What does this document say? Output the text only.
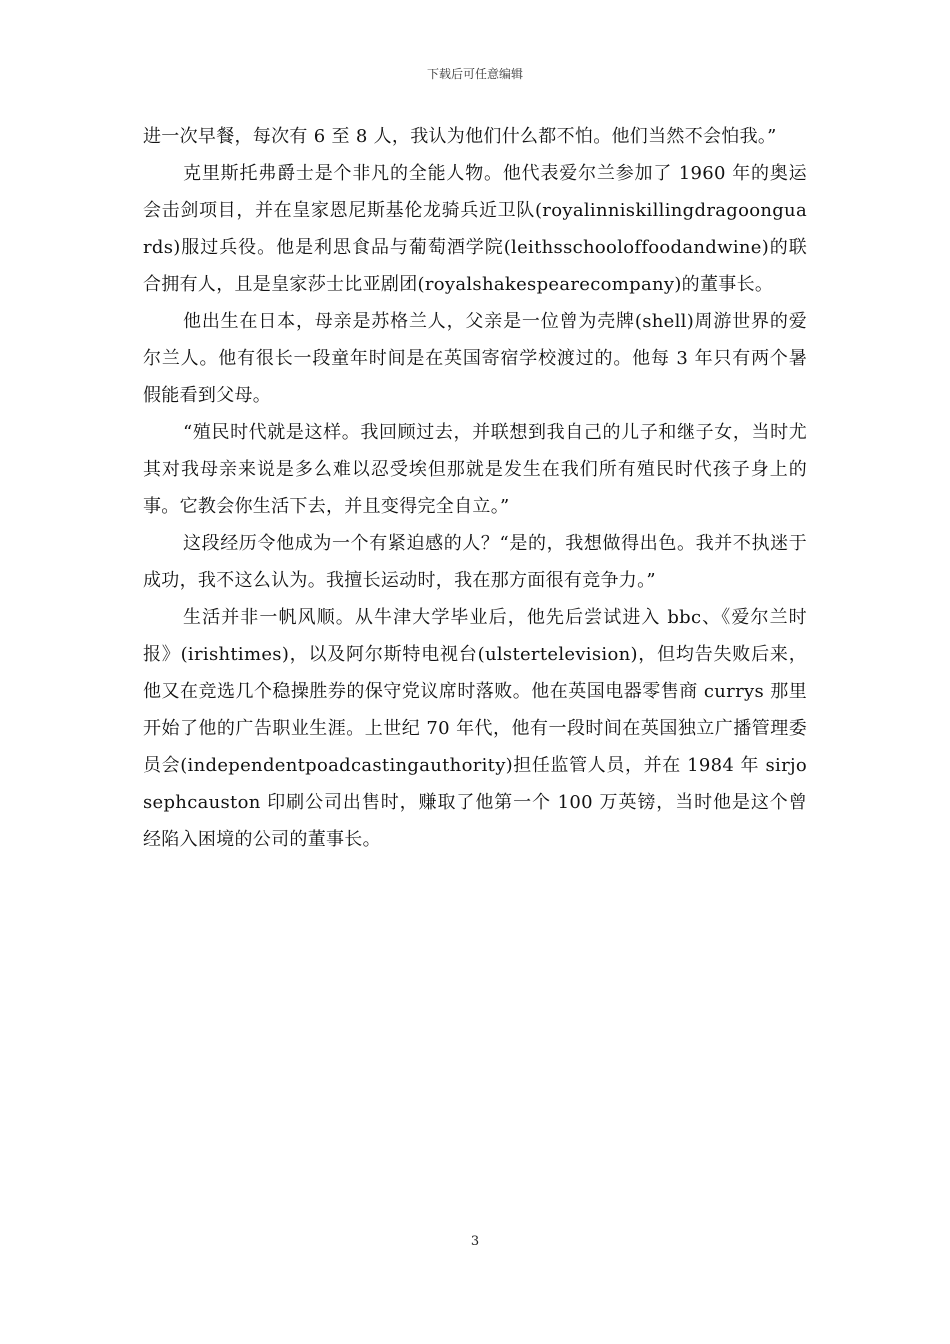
下载后可任意编辑

进一次早餐，每次有 6 至 8 人，我认为他们什么都不怕。他们当然不会怕我。”

克里斯托弗爵士是个非凡的全能人物。他代表爱尔兰参加了 1960 年的奥运会击剑项目，并在皇家恩尼斯基伦龙骑兵近卫队(royalinniskillingdragoonguards)服过兵役。他是利思食品与葡萄酒学院(leithsschooloffoodandwine)的联合拥有人，且是皇家莎士比亚剧团(royalshakespearecompany)的董事长。

他出生在日本，母亲是苏格兰人，父亲是一位曾为壳牌(shell)周游世界的爱尔兰人。他有很长一段童年时间是在英国寄宿学校渡过的。他每 3 年只有两个暑假能看到父母。

“殖民时代就是这样。我回顾过去，并联想到我自己的儿子和继子女，当时尤其对我母亲来说是多么难以忍受埃但那就是发生在我们所有殖民时代孩子身上的事。它教会你生活下去，并且变得完全自立。”

这段经历令他成为一个有紧迫感的人？“是的，我想做得出色。我并不执迷于成功，我不这么认为。我擅长运动时，我在那方面很有竞争力。”

生活并非一帆风顺。从牛津大学毕业后，他先后尝试进入 bbc、《爱尔兰时报》(irishtimes)，以及阿尔斯特电视台(ulstertelevision)，但均告失败后来，他又在竞选几个稳操胜券的保守党议席时落败。他在英国电器零售商 currys 那里开始了他的广告职业生涯。上世纪 70 年代，他有一段时间在英国独立广播管理委员会(independentpoadcastingauthority)担任监管人员，并在 1984 年 sirjosephcauston 印刷公司出售时，赚取了他第一个 100 万英镑，当时他是这个曾经陷入困境的公司的董事长。

3
